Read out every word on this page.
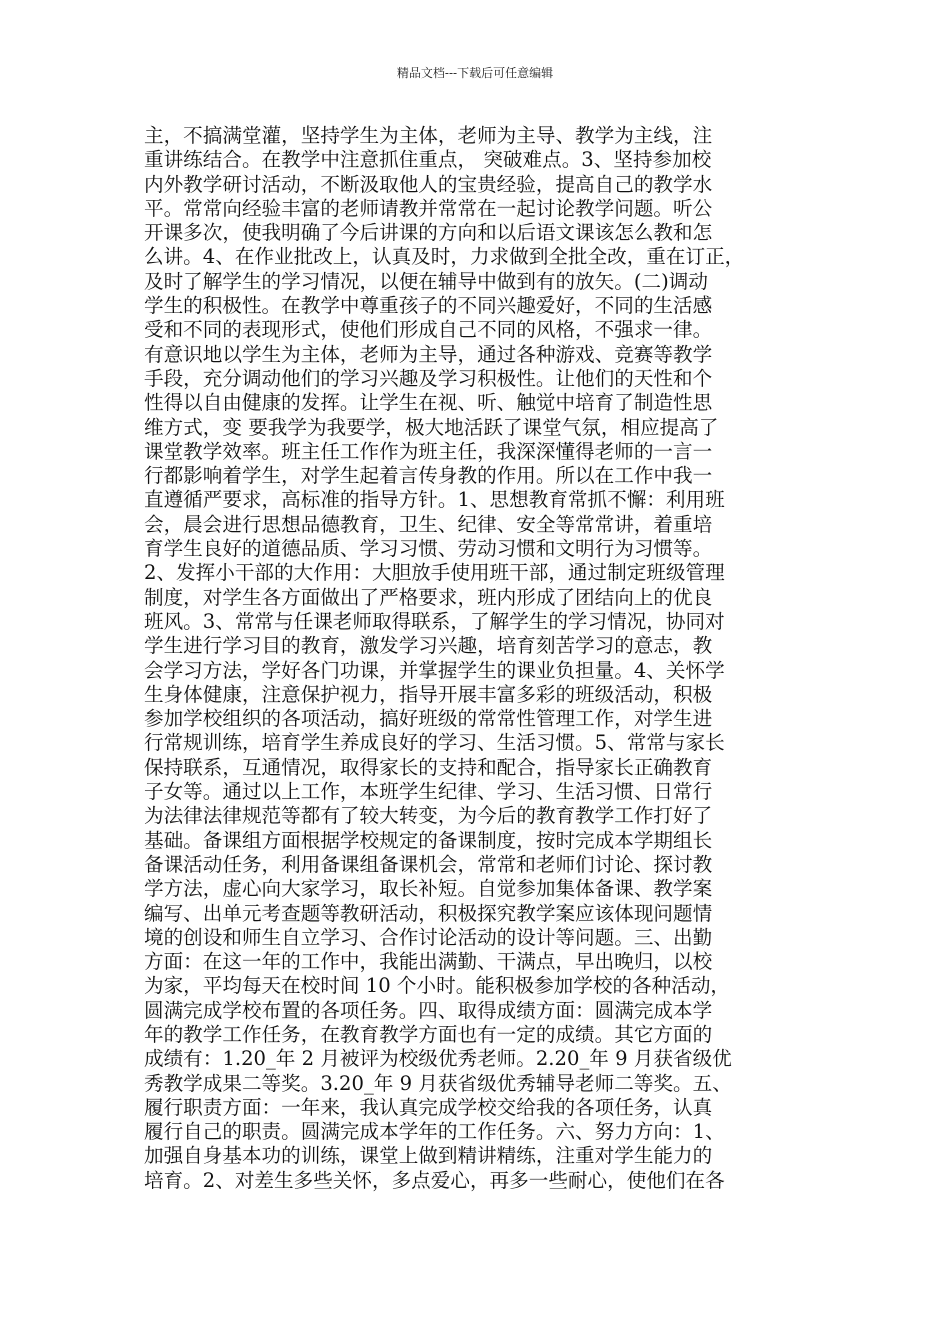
精品文档---下载后可任意编辑
主，不搞满堂灌，坚持学生为主体，老师为主导、教学为主线，注
重讲练结合。在教学中注意抓住重点， 突破难点。3、坚持参加校
内外教学研讨活动，不断汲取他人的宝贵经验，提高自己的教学水
平。常常向经验丰富的老师请教并常常在一起讨论教学问题。听公
开课多次，使我明确了今后讲课的方向和以后语文课该怎么教和怎
么讲。4、在作业批改上，认真及时，力求做到全批全改，重在订正，
及时了解学生的学习情况，以便在辅导中做到有的放矢。(二)调动
学生的积极性。在教学中尊重孩子的不同兴趣爱好，不同的生活感
受和不同的表现形式，使他们形成自己不同的风格，不强求一律。
有意识地以学生为主体，老师为主导，通过各种游戏、竞赛等教学
手段，充分调动他们的学习兴趣及学习积极性。让他们的天性和个
性得以自由健康的发挥。让学生在视、听、触觉中培育了制造性思
维方式，变 要我学为我要学，极大地活跃了课堂气氛，相应提高了
课堂教学效率。班主任工作作为班主任，我深深懂得老师的一言一
行都影响着学生，对学生起着言传身教的作用。所以在工作中我一
直遵循严要求，高标准的指导方针。1、思想教育常抓不懈：利用班
会，晨会进行思想品德教育，卫生、纪律、安全等常常讲，着重培
育学生良好的道德品质、学习习惯、劳动习惯和文明行为习惯等。
2、发挥小干部的大作用：大胆放手使用班干部，通过制定班级管理
制度，对学生各方面做出了严格要求，班内形成了团结向上的优良
班风。3、常常与任课老师取得联系，了解学生的学习情况，协同对
学生进行学习目的教育，激发学习兴趣，培育刻苦学习的意志，教
会学习方法，学好各门功课，并掌握学生的课业负担量。4、关怀学
生身体健康，注意保护视力，指导开展丰富多彩的班级活动，积极
参加学校组织的各项活动，搞好班级的常常性管理工作，对学生进
行常规训练，培育学生养成良好的学习、生活习惯。5、常常与家长
保持联系，互通情况，取得家长的支持和配合，指导家长正确教育
子女等。通过以上工作，本班学生纪律、学习、生活习惯、日常行
为法律法律规范等都有了较大转变，为今后的教育教学工作打好了
基础。备课组方面根据学校规定的备课制度，按时完成本学期组长
备课活动任务，利用备课组备课机会，常常和老师们讨论、探讨教
学方法，虚心向大家学习，取长补短。自觉参加集体备课、教学案
编写、出单元考查题等教研活动，积极探究教学案应该体现问题情
境的创设和师生自立学习、合作讨论活动的设计等问题。三、出勤
方面：在这一年的工作中，我能出满勤、干满点，早出晚归，以校
为家，平均每天在校时间 10 个小时。能积极参加学校的各种活动，
圆满完成学校布置的各项任务。四、取得成绩方面：圆满完成本学
年的教学工作任务，在教育教学方面也有一定的成绩。其它方面的
成绩有：1.20_年 2 月被评为校级优秀老师。2.20_年 9 月获省级优
秀教学成果二等奖。3.20_年 9 月获省级优秀辅导老师二等奖。五、
履行职责方面：一年来，我认真完成学校交给我的各项任务，认真
履行自己的职责。圆满完成本学年的工作任务。六、努力方向：1、
加强自身基本功的训练，课堂上做到精讲精练，注重对学生能力的
培育。2、对差生多些关怀，多点爱心，再多一些耐心，使他们在各
